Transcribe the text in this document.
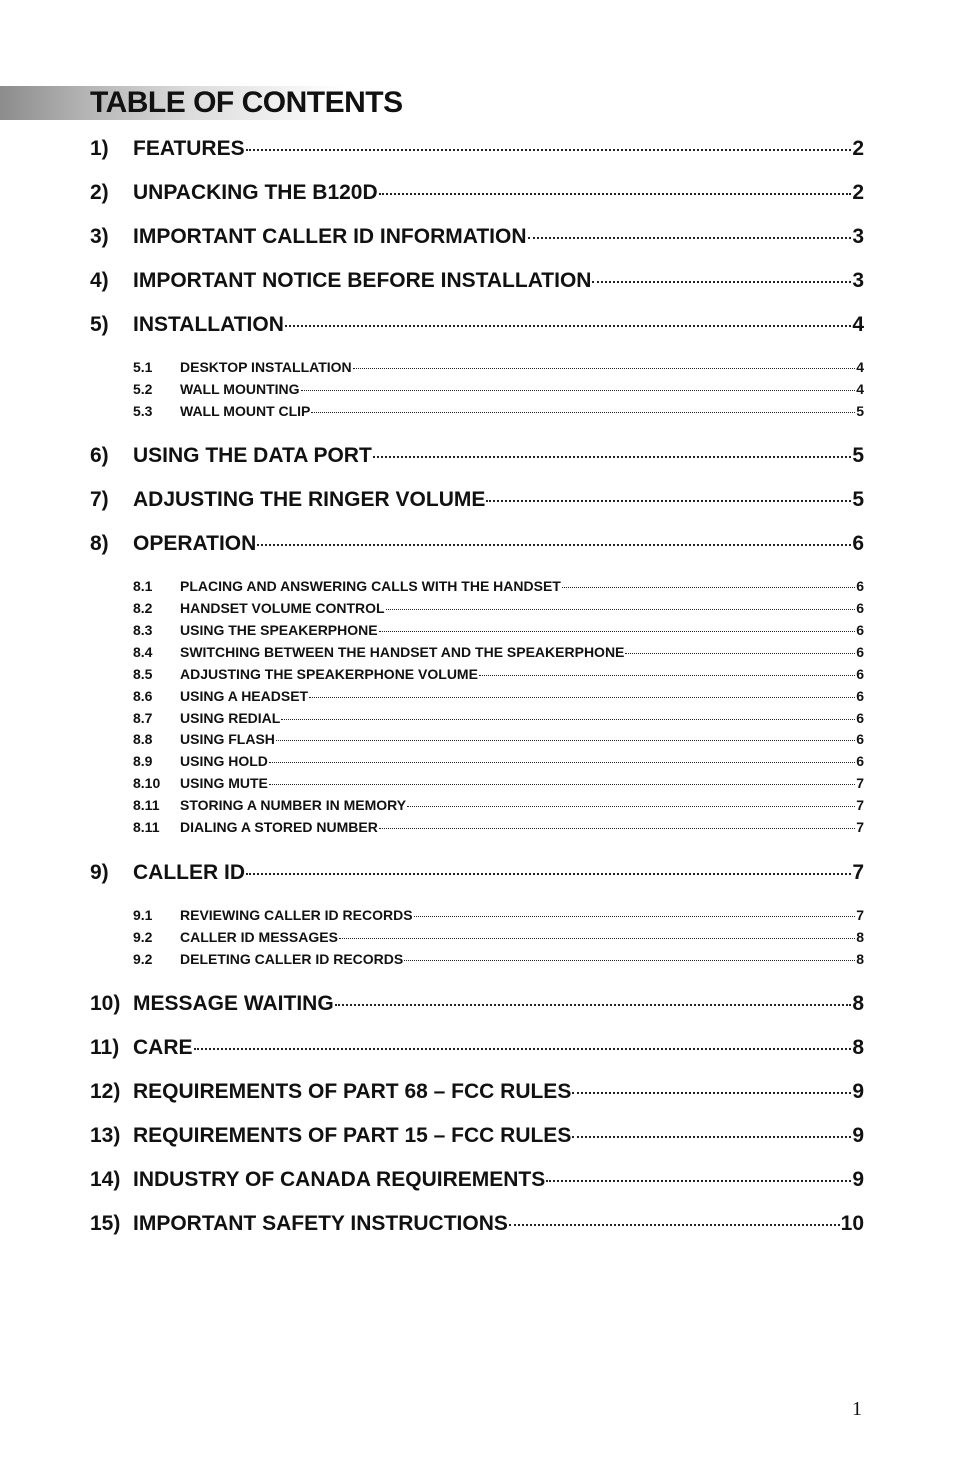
TABLE OF CONTENTS
1)	FEATURES	2
2)	UNPACKING THE B120D	2
3)	IMPORTANT CALLER ID INFORMATION	3
4)	IMPORTANT NOTICE BEFORE INSTALLATION	3
5)	INSTALLATION	4
5.1	DESKTOP INSTALLATION	4
5.2	WALL MOUNTING	4
5.3	WALL MOUNT CLIP	5
6)	USING THE DATA PORT	5
7)	ADJUSTING THE RINGER VOLUME	5
8)	OPERATION	6
8.1	PLACING AND ANSWERING CALLS WITH THE HANDSET	6
8.2	HANDSET VOLUME CONTROL	6
8.3	USING THE SPEAKERPHONE	6
8.4	SWITCHING BETWEEN THE HANDSET AND THE SPEAKERPHONE	6
8.5	ADJUSTING THE SPEAKERPHONE VOLUME	6
8.6	USING A HEADSET	6
8.7	USING REDIAL	6
8.8	USING FLASH	6
8.9	USING HOLD	6
8.10	USING MUTE	7
8.11	STORING A NUMBER IN MEMORY	7
8.11	DIALING A STORED NUMBER	7
9)	CALLER ID	7
9.1	REVIEWING CALLER ID RECORDS	7
9.2	CALLER ID MESSAGES	8
9.2	DELETING CALLER ID RECORDS	8
10) MESSAGE WAITING	8
11) CARE	8
12) REQUIREMENTS OF PART 68 – FCC RULES	9
13) REQUIREMENTS OF PART 15 – FCC RULES	9
14) INDUSTRY OF CANADA REQUIREMENTS	9
15) IMPORTANT SAFETY INSTRUCTIONS	10
1
